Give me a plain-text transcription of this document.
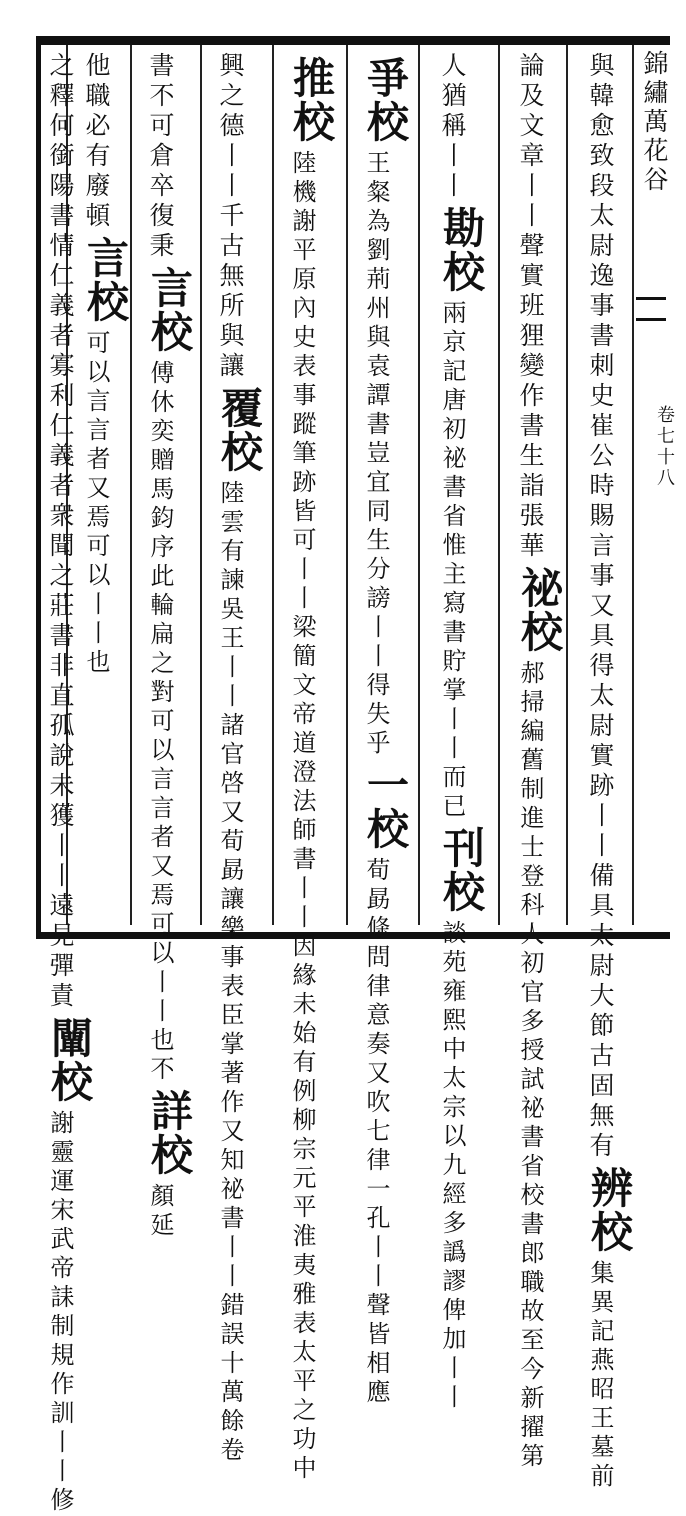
錦繡萬花谷
卷七十八
與韓愈致段太尉逸事書刺史崔公時賜言事又具得太尉實跡丨丨備具太尉大節古固無有
辨校
集異記燕昭王墓前
論及文章丨丨聲實班狸變作書生詣張華
祕校
郝掃編舊制進士登科人初官多授試祕書省校書郎職故至今新擢第
人猶稱丨丨
勘校
兩京記唐初祕書省惟主寫書貯掌丨丨而已
刊校
談苑雍熙中太宗以九經多譌謬俾加丨丨
爭校
王粲為劉荊州與袁譚書豈宜同生分謗丨丨得失乎
一校
荀勗條問律意奏又吹七律一孔丨丨聲皆相應
推校
陸機謝平原內史表事蹤筆跡皆可丨丨梁簡文帝道澄法師書丨丨因緣未始有例柳宗元平淮夷雅表太平之功中
興之德丨丨千古無所與讓
覆校
陸雲有諫吳王丨丨諸官啓又荀勗讓樂事表臣掌著作又知祕書丨丨錯誤十萬餘卷
書不可倉卒復秉
言校
傅休奕贈馬鈞序此輪扁之對可以言言者又焉可以丨丨也不
詳校
顏延
他職必有廢頓
言校
可以言言者又焉可以丨丨也
之釋何銜陽書情仁義者寡利仁義者衆聞之莊書非直孤說未獲丨丨遠見彈責
闡校
謝靈運宋武帝誄制規作訓丨丨修
